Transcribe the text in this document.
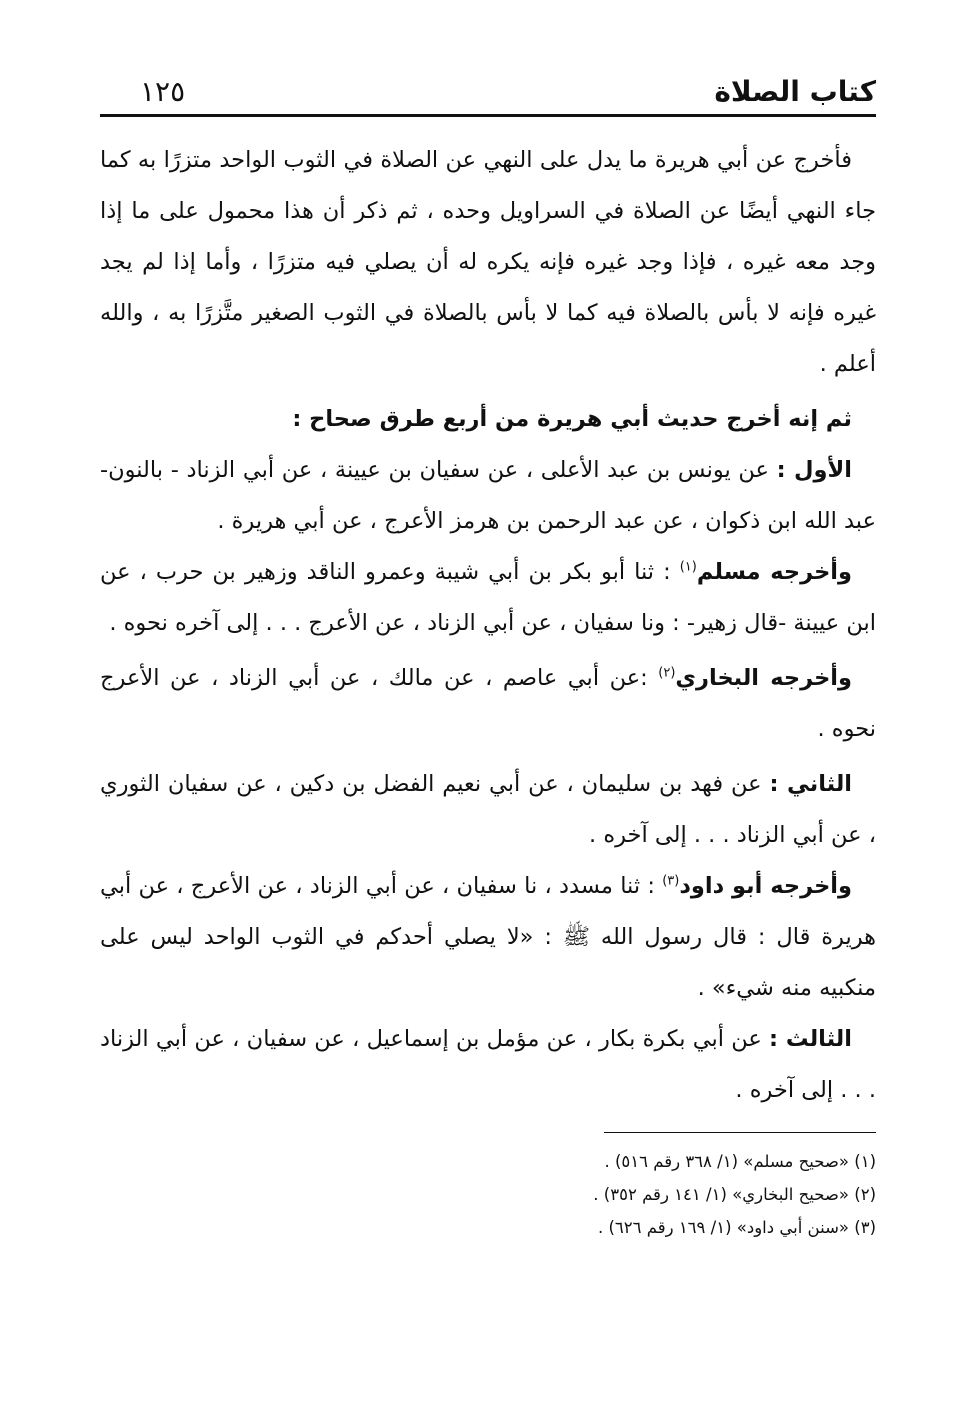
كتاب الصلاة
١٢٥

فأخرج عن أبي هريرة ما يدل على النهي عن الصلاة في الثوب الواحد متزرًا به كما جاء النهي أيضًا عن الصلاة في السراويل وحده ، ثم ذكر أن هذا محمول على ما إذا وجد معه غيره ، فإذا وجد غيره فإنه يكره له أن يصلي فيه متزرًا ، وأما إذا لم يجد غيره فإنه لا بأس بالصلاة فيه كما لا بأس بالصلاة في الثوب الصغير متَّزرًا به ، والله أعلم .

ثم إنه أخرج حديث أبي هريرة من أربع طرق صحاح :

الأول : عن يونس بن عبد الأعلى ، عن سفيان بن عيينة ، عن أبي الزناد - بالنون- عبد الله ابن ذكوان ، عن عبد الرحمن بن هرمز الأعرج ، عن أبي هريرة .

وأخرجه مسلم$^{(١)}$ : ثنا أبو بكر بن أبي شيبة وعمرو الناقد وزهير بن حرب ، عن ابن عيينة -قال زهير- : ونا سفيان ، عن أبي الزناد ، عن الأعرج . . . إلى آخره نحوه .

وأخرجه البخاري$^{(٢)}$ :عن أبي عاصم ، عن مالك ، عن أبي الزناد ، عن الأعرج نحوه .

الثاني : عن فهد بن سليمان ، عن أبي نعيم الفضل بن دكين ، عن سفيان الثوري ، عن أبي الزناد . . . إلى آخره .

وأخرجه أبو داود$^{(٣)}$ : ثنا مسدد ، نا سفيان ، عن أبي الزناد ، عن الأعرج ، عن أبي هريرة قال : قال رسول الله ﷺ : «لا يصلي أحدكم في الثوب الواحد ليس على منكبيه منه شيء» .

الثالث : عن أبي بكرة بكار ، عن مؤمل بن إسماعيل ، عن سفيان ، عن أبي الزناد . . . إلى آخره .

(١) «صحيح مسلم» (١/ ٣٦٨ رقم ٥١٦) .

(٢) «صحيح البخاري» (١/ ١٤١ رقم ٣٥٢) .

(٣) «سنن أبي داود» (١/ ١٦٩ رقم ٦٢٦) .
